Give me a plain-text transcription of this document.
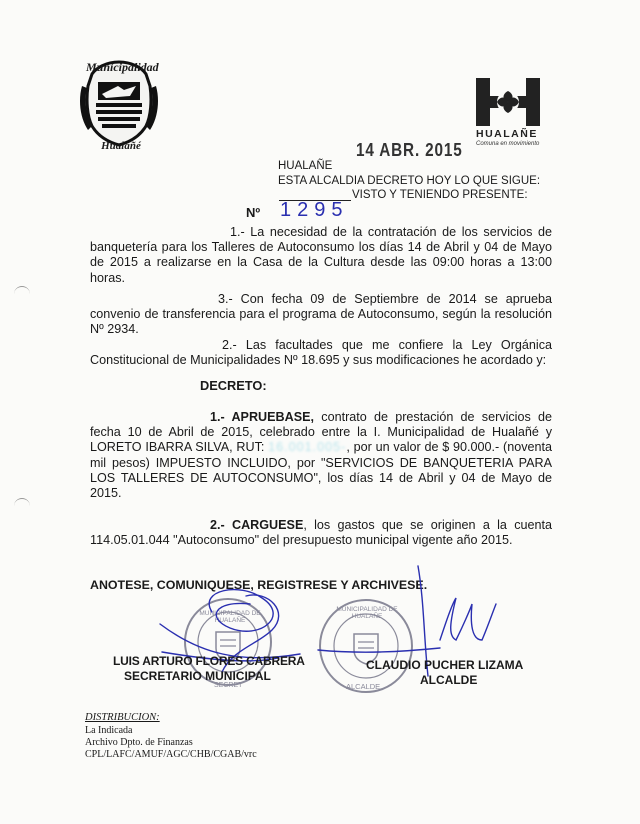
Municipalidad
Hualañé
HUALAÑE
Comuna en movimiento
14 ABR. 2015
HUALAÑE
ESTA ALCALDIA DECRETO HOY LO QUE SIGUE:
VISTO Y TENIENDO PRESENTE:
Nº 1295
1.- La necesidad de la contratación de los servicios de banquetería para los Talleres de Autoconsumo los días 14 de Abril y 04 de Mayo de 2015 a realizarse en la Casa de la Cultura desde las 09:00 horas a 13:00 horas.
3.- Con fecha 09 de Septiembre de 2014 se aprueba convenio de transferencia para el programa de Autoconsumo, según la resolución Nº 2934.
2.- Las facultades que me confiere la Ley Orgánica Constitucional de Municipalidades Nº 18.695 y sus modificaciones he acordado y:
DECRETO:
1.- APRUEBASE, contrato de prestación de servicios de fecha 10 de Abril de 2015, celebrado entre la I. Municipalidad de Hualañé y LORETO IBARRA SILVA, RUT: 16.001.005-, por un valor de $ 90.000.- (noventa mil pesos) IMPUESTO INCLUIDO, por "SERVICIOS DE BANQUETERIA PARA LOS TALLERES DE AUTOCONSUMO", los días 14 de Abril y 04 de Mayo de 2015.
2.- CARGUESE, los gastos que se originen a la cuenta 114.05.01.044 "Autoconsumo" del presupuesto municipal vigente año 2015.
ANOTESE, COMUNIQUESE, REGISTRESE Y ARCHIVESE.
MUNICIPALIDAD DE HUALAÑE
SECRET
MUNICIPALIDAD DE HUALAÑE
ALCALDE
LUIS ARTURO FLORES CABRERA
SECRETARIO MUNICIPAL
CLAUDIO PUCHER LIZAMA
ALCALDE
DISTRIBUCION:
La Indicada
Archivo Dpto. de Finanzas
CPL/LAFC/AMUF/AGC/CHB/CGAB/vrc
